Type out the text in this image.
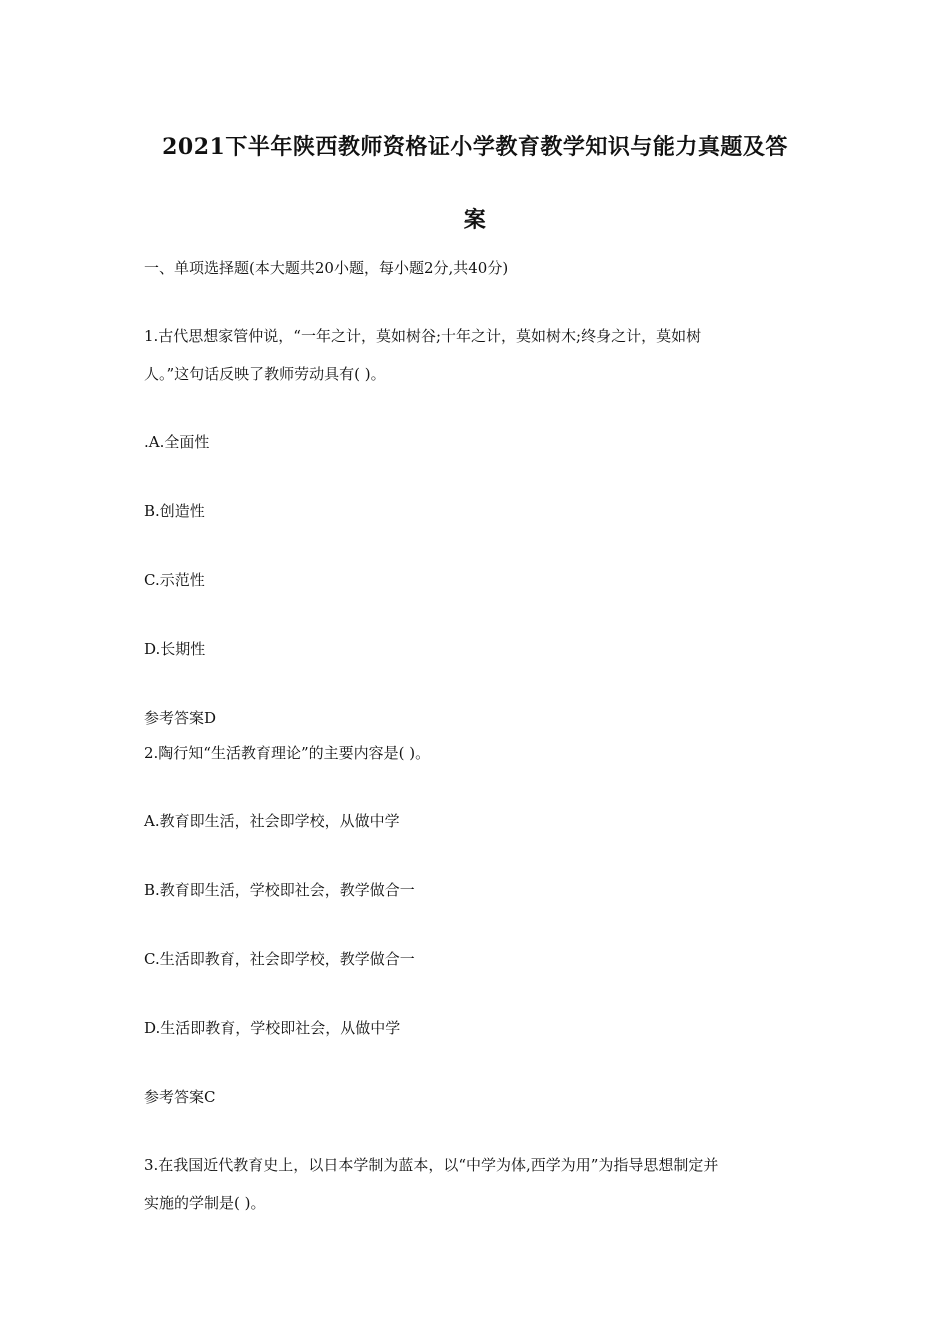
2021下半年陕西教师资格证小学教育教学知识与能力真题及答
案
一、单项选择题(本大题共20小题，每小题2分,共40分)
1.古代思想家管仲说，“一年之计，莫如树谷;十年之计，莫如树木;终身之计，莫如树
人。”这句话反映了教师劳动具有( )。
.A.全面性
B.创造性
C.示范性
D.长期性
参考答案D
2.陶行知“生活教育理论”的主要内容是( )。
A.教育即生活，社会即学校，从做中学
B.教育即生活，学校即社会，教学做合一
C.生活即教育，社会即学校，教学做合一
D.生活即教育，学校即社会，从做中学
参考答案C
3.在我国近代教育史上，以日本学制为蓝本，以“中学为体,西学为用”为指导思想制定并
实施的学制是( )。
